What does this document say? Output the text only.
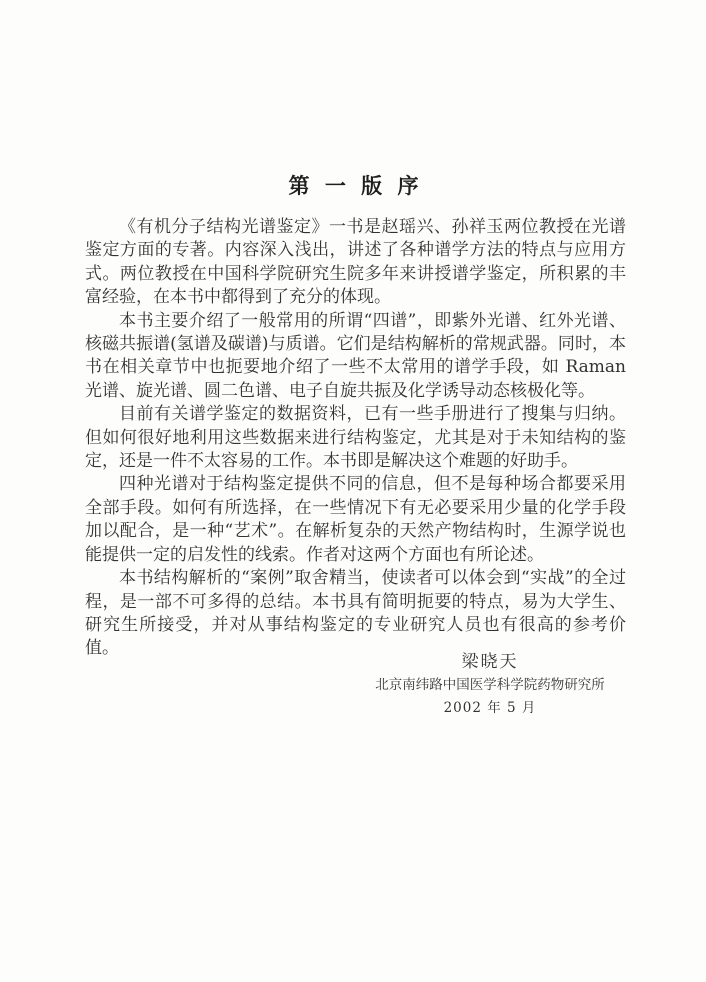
第 一 版 序

《有机分子结构光谱鉴定》一书是赵瑶兴、孙祥玉两位教授在光谱鉴定方面的专著。内容深入浅出，讲述了各种谱学方法的特点与应用方式。两位教授在中国科学院研究生院多年来讲授谱学鉴定，所积累的丰富经验，在本书中都得到了充分的体现。

本书主要介绍了一般常用的所谓“四谱”，即紫外光谱、红外光谱、核磁共振谱(氢谱及碳谱)与质谱。它们是结构解析的常规武器。同时，本书在相关章节中也扼要地介绍了一些不太常用的谱学手段，如 Raman 光谱、旋光谱、圆二色谱、电子自旋共振及化学诱导动态核极化等。

目前有关谱学鉴定的数据资料，已有一些手册进行了搜集与归纳。但如何很好地利用这些数据来进行结构鉴定，尤其是对于未知结构的鉴定，还是一件不太容易的工作。本书即是解决这个难题的好助手。

四种光谱对于结构鉴定提供不同的信息，但不是每种场合都要采用全部手段。如何有所选择，在一些情况下有无必要采用少量的化学手段加以配合，是一种“艺术”。在解析复杂的天然产物结构时，生源学说也能提供一定的启发性的线索。作者对这两个方面也有所论述。

本书结构解析的“案例”取舍精当，使读者可以体会到“实战”的全过程，是一部不可多得的总结。本书具有简明扼要的特点，易为大学生、研究生所接受，并对从事结构鉴定的专业研究人员也有很高的参考价值。

梁晓天
北京南纬路中国医学科学院药物研究所
2002 年 5 月
